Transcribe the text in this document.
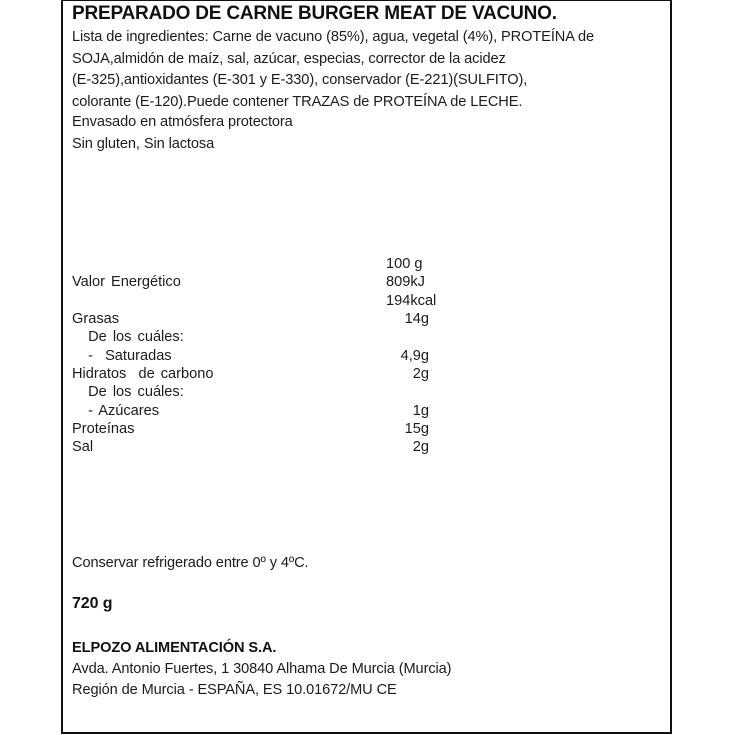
PREPARADO DE CARNE BURGER MEAT DE VACUNO.
Lista de ingredientes: Carne de vacuno (85%), agua, vegetal (4%), PROTEÍNA de
SOJA,almidón de maíz, sal, azúcar, especias, corrector de la acidez
(E-325),antioxidantes (E-301 y E-330), conservador (E-221)(SULFITO),
colorante (E-120).Puede contener TRAZAS de PROTEÍNA de LECHE.
Envasado en atmósfera protectora
Sin gluten, Sin lactosa
100 g
Valor Energético	809kJ
194kcal
Grasas	14g
De los cuáles:
-  Saturadas	4,9g
Hidratos  de carbono	2g
De los cuáles:
- Azúcares	1g
Proteínas	15g
Sal	2g
Conservar refrigerado entre 0º y 4ºC.
720 g
ELPOZO ALIMENTACIÓN S.A.
Avda. Antonio Fuertes, 1 30840 Alhama De Murcia (Murcia)
Región de Murcia - ESPAÑA, ES 10.01672/MU CE
